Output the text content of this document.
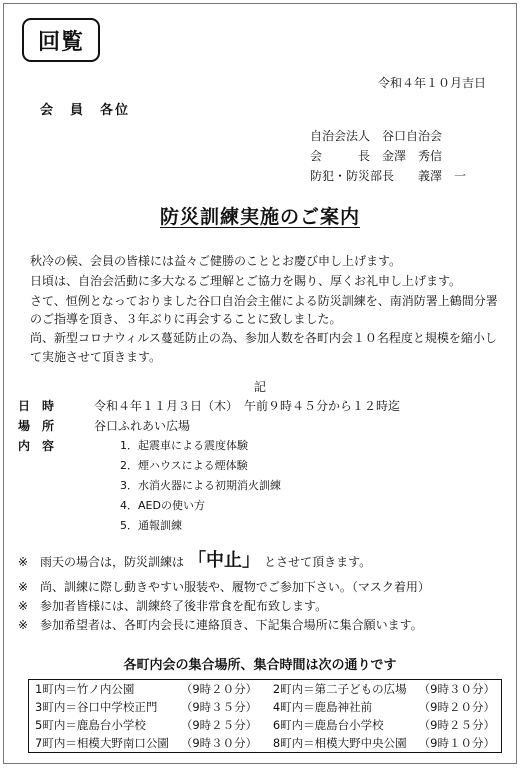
回覧
令和４年１０月吉日
会　員　各位
自治会法人　谷口自治会
会　　　長　金澤　秀信
防犯・防災部長　　義澤　一
防災訓練実施のご案内
秋冷の候、会員の皆様には益々ご健勝のこととお慶び申し上げます。
日頃は、自治会活動に多大なるご理解とご協力を賜り、厚くお礼申し上げます。
さて、恒例となっておりました谷口自治会主催による防災訓練を、南消防署上鶴間分署
のご指導を頂き、３年ぶりに再会することに致しました。
尚、新型コロナウィルス蔓延防止の為、参加人数を各町内会１０名程度と規模を縮小し
て実施させて頂きます。
記
日　時	令和４年１１月３日（木）　午前９時４５分から１２時迄
場　所	谷口ふれあい広場
内　容	1．起震車による震度体験
2．煙ハウスによる煙体験
3．水消火器による初期消火訓練
4．AEDの使い方
5．通報訓練
※　雨天の場合は，防災訓練は 「中止」 とさせて頂きます。
※　尚、訓練に際し動きやすい服装や、履物でご参加下さい。（マスク着用）
※　参加者皆様には、訓練終了後非常食を配布致します。
※　参加希望者は、各町内会長に連絡頂き、下記集合場所に集合願います。
各町内会の集合場所、集合時間は次の通りです
1町内＝竹ノ内公園	（9時２０分）		2町内＝第二子どもの広場	（9時３０分）
3町内＝谷口中学校正門	（9時３５分）		4町内＝鹿島神社前	（9時２０分）
5町内＝鹿島台小学校	（9時２５分）		6町内＝鹿島台小学校	（9時２５分）
7町内＝相模大野南口公園	（9時３０分）		8町内＝相模大野中央公園	（9時１０分）
